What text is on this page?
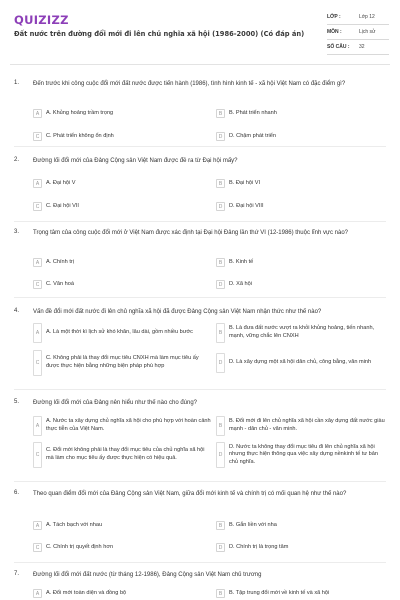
QUIZIZZ
Đất nước trên đường đổi mới đi lên chủ nghĩa xã hội (1986-2000) (Có đáp án)
LỚP :	Lớp 12
MÔN :	Lịch sử
SỐ CÂU :	32
1. Đến trước khi công cuộc đổi mới đất nước được tiến hành (1986), tình hình kinh tế - xã hội Việt Nam có đặc điểm gì?
A	A. Khủng hoảng trầm trọng	B	B. Phát triển nhanh
C	C. Phát triển không ổn định	D	D. Chậm phát triển
2. Đường lối đổi mới của Đảng Cộng sản Việt Nam được đề ra từ Đại hội mấy?
A	A. Đại hội V	B	B. Đại hội VI
C	C. Đại hội VII	D	D. Đại hội VIII
3. Trọng tâm của công cuộc đổi mới ở Việt Nam được xác định tại Đại hội Đảng lần thứ VI (12-1986) thuộc lĩnh vực nào?
A	A. Chính trị	B	B. Kinh tế
C	C. Văn hoá	D	D. Xã hội
4. Vấn đề đổi mới đất nước đi lên chủ nghĩa xã hội đã được Đảng Cộng sản Việt Nam nhận thức như thế nào?
A	A. Là một thời kì lịch sử khó khăn, lâu dài, gồm nhiều bước	B
B. Là đưa đất nước vượt ra khỏi khủng hoảng, tiến nhanh, mạnh, vững chắc lên CNXH
C
C. Không phải là thay đổi mục tiêu CNXH mà làm mục tiêu ấy được thực hiện bằng những biện pháp phù hợp	D	D. Là xây dựng một xã hội dân chủ, công bằng, văn minh
5. Đường lối đổi mới của Đảng nên hiểu như thế nào cho đúng?
A
A. Nước ta xây dựng chủ nghĩa xã hội cho phù hợp với hoàn cảnh thực tiễn của Việt Nam.	B
B. Đổi mới đi lên chủ nghĩa xã hội cần xây dựng đất nước giàu mạnh - dân chủ - văn minh.
C
C. Đổi mới không phải là thay đổi mục tiêu của chủ nghĩa xã hội mà làm cho mục tiêu ấy được thực hiện có hiệu quả.	D
D. Nước ta không thay đổi mục tiêu đi lên chủ nghĩa xã hội nhưng thực hiện thông qua việc xây dựng nềnkinh tế tư bản chủ nghĩa.
6. Theo quan điểm đổi mới của Đảng Cộng sản Việt Nam, giữa đổi mới kinh tế và chính trị có mối quan hệ như thế nào?
A	A. Tách bạch với nhau	B	B. Gắn liền với nha
C	C. Chính trị quyết định hơn	D	D. Chính trị là trọng tâm
7. Đường lối đổi mới đất nước (từ tháng 12-1986), Đảng Cộng sản Việt Nam chủ trương
A	A. Đổi mới toàn diện và đồng bộ	B	B. Tập trung đổi mới về kinh tế và xã hội
